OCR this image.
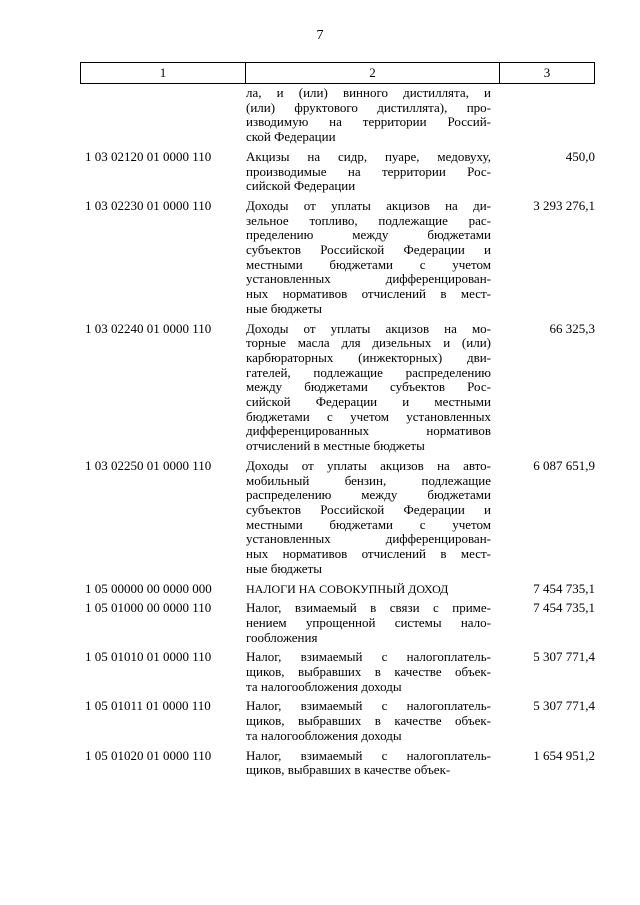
7
1	2	3
ла, и (или) винного дистиллята, и
(или) фруктового дистиллята), про-
изводимую на территории Россий-
ской Федерации
1 03 02120 01 0000 110	Акцизы на сидр, пуаре, медовуху,
производимые на территории Рос-
сийской Федерации
450,0
1 03 02230 01 0000 110	Доходы от уплаты акцизов на ди-
зельное топливо, подлежащие рас-
пределению между бюджетами
субъектов Российской Федерации и
местными бюджетами с учетом
установленных дифференцирован-
ных нормативов отчислений в мест-
ные бюджеты
3 293 276,1
1 03 02240 01 0000 110	Доходы от уплаты акцизов на мо-
торные масла для дизельных и (или)
карбюраторных (инжекторных) дви-
гателей, подлежащие распределению
между бюджетами субъектов Рос-
сийской Федерации и местными
бюджетами с учетом установленных
дифференцированных нормативов
отчислений в местные бюджеты
66 325,3
1 03 02250 01 0000 110	Доходы от уплаты акцизов на авто-
мобильный бензин, подлежащие
распределению между бюджетами
субъектов Российской Федерации и
местными бюджетами с учетом
установленных дифференцирован-
ных нормативов отчислений в мест-
ные бюджеты
6 087 651,9
1 05 00000 00 0000 000	НАЛОГИ НА СОВОКУПНЫЙ ДОХОД	7 454 735,1
1 05 01000 00 0000 110	Налог, взимаемый в связи с приме-
нением упрощенной системы нало-
гообложения
7 454 735,1
1 05 01010 01 0000 110	Налог, взимаемый с налогоплатель-
щиков, выбравших в качестве объек-
та налогообложения доходы
5 307 771,4
1 05 01011 01 0000 110	Налог, взимаемый с налогоплатель-
щиков, выбравших в качестве объек-
та налогообложения доходы
5 307 771,4
1 05 01020 01 0000 110	Налог, взимаемый с налогоплатель-
щиков, выбравших в качестве объек-
1 654 951,2
